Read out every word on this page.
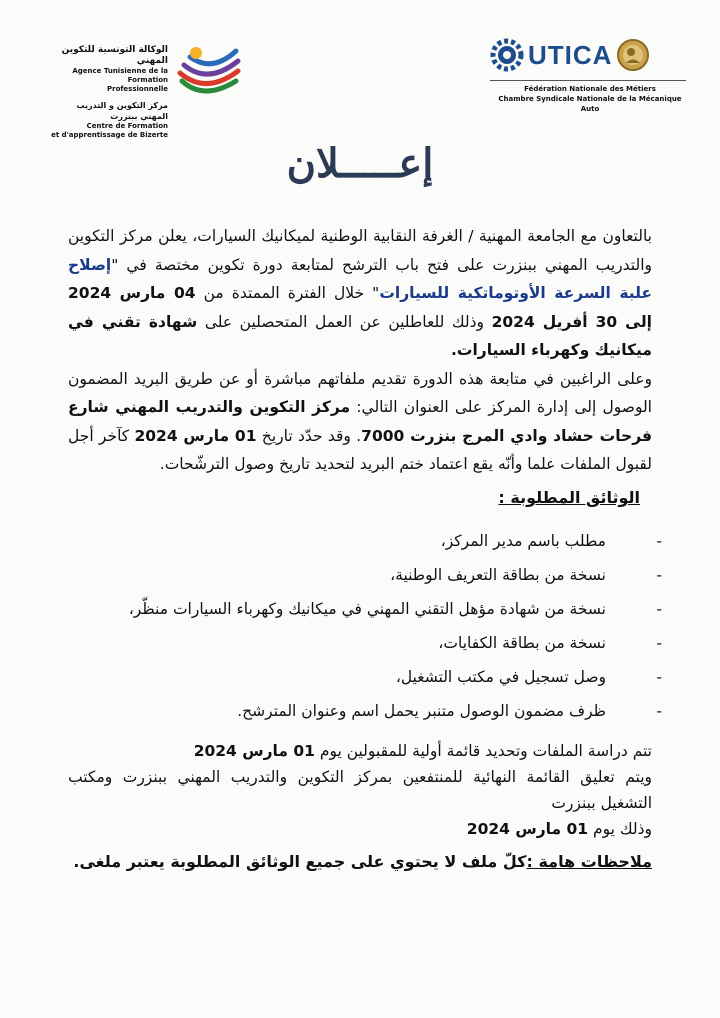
الوكالة التونسية للتكوين المهني
Agence Tunisienne de la Formation
Professionnelle
مركز التكوين و التدريب المهني ببنزرت
Centre de Formation
et d'apprentissage de Bizerte
UTICA
Fédération Nationale des Métiers
Chambre Syndicale Nationale de la Mécanique Auto
إعـــــلان

بالتعاون مع الجامعة المهنية / الغرفة النقابية الوطنية لميكانيك السيارات، يعلن مركز التكوين والتدريب المهني ببنزرت على فتح باب الترشح لمتابعة دورة تكوين مختصة في "إصلاح علبة السرعة الأوتوماتكية للسيارات" خلال الفترة الممتدة من 04 مارس 2024 إلى 30 أفريل 2024 وذلك للعاطلين عن العمل المتحصلين على شهادة تقني في ميكانيك وكهرباء السيارات.

وعلى الراغبين في متابعة هذه الدورة تقديم ملفاتهم مباشرة أو عن طريق البريد المضمون الوصول إلى إدارة المركز على العنوان التالي: مركز التكوين والتدريب المهني شارع فرحات حشاد وادي المرج بنزرت 7000. وقد حدّد تاريخ 01 مارس 2024 كآخر أجل لقبول الملفات علما وأنّه يقع اعتماد ختم البريد لتحديد تاريخ وصول الترشّحات.

الوثائق المطلوبة :
-
مطلب باسم مدير المركز،
-
نسخة من بطاقة التعريف الوطنية،
-
نسخة من شهادة مؤهل التقني المهني في ميكانيك وكهرباء السيارات منظّر،
-
نسخة من بطاقة الكفايات،
-
وصل تسجيل في مكتب التشغيل،
-
ظرف مضمون الوصول متنبر يحمل اسم وعنوان المترشح.

تتم دراسة الملفات وتحديد قائمة أولية للمقبولين يوم 01 مارس 2024

ويتم تعليق القائمة النهائية للمنتفعين بمركز التكوين والتدريب المهني ببنزرت ومكتب التشغيل ببنزرت

وذلك يوم 01 مارس 2024

ملاحظات هامة :كلّ ملف لا يحتوي على جميع الوثائق المطلوبة يعتبر ملغى.
